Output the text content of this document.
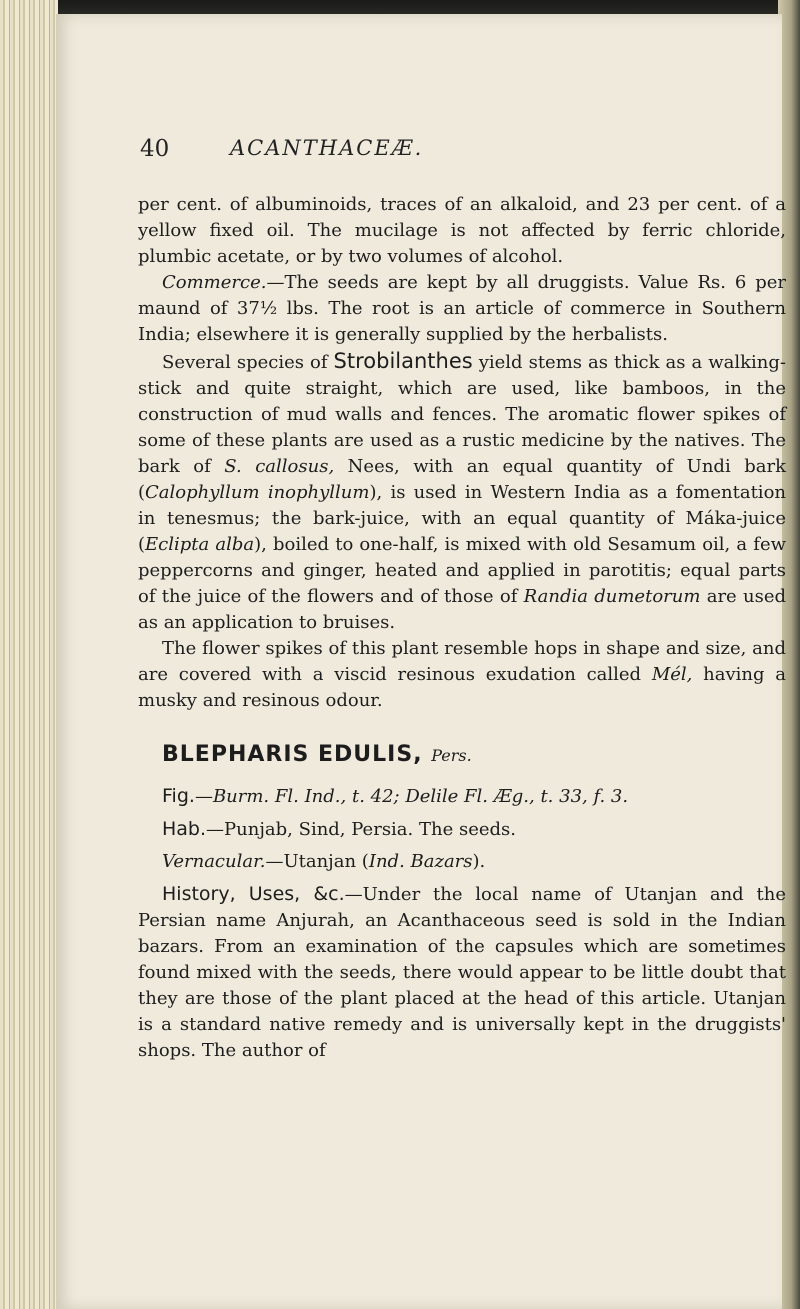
40	ACANTHACEÆ.

per cent. of albuminoids, traces of an alkaloid, and 23 per cent. of a yellow fixed oil. The mucilage is not affected by ferric chloride, plumbic acetate, or by two volumes of alcohol.

Commerce.—The seeds are kept by all druggists. Value Rs. 6 per maund of 37½ lbs. The root is an article of commerce in Southern India; elsewhere it is generally supplied by the herbalists.

Several species of Strobilanthes yield stems as thick as a walking-stick and quite straight, which are used, like bamboos, in the construction of mud walls and fences. The aromatic flower spikes of some of these plants are used as a rustic medicine by the natives. The bark of S. callosus, Nees, with an equal quantity of Undi bark (Calophyllum inophyllum), is used in Western India as a fomentation in tenesmus; the bark-juice, with an equal quantity of Máka-juice (Eclipta alba), boiled to one-half, is mixed with old Sesamum oil, a few peppercorns and ginger, heated and applied in parotitis; equal parts of the juice of the flowers and of those of Randia dumetorum are used as an application to bruises.

The flower spikes of this plant resemble hops in shape and size, and are covered with a viscid resinous exudation called Mél, having a musky and resinous odour.

BLEPHARIS EDULIS, Pers.

Fig.—Burm. Fl. Ind., t. 42; Delile Fl. Æg., t. 33, f. 3.

Hab.—Punjab, Sind, Persia. The seeds.

Vernacular.—Utanjan (Ind. Bazars).

History, Uses, &c.—Under the local name of Utanjan and the Persian name Anjurah, an Acanthaceous seed is sold in the Indian bazars. From an examination of the capsules which are sometimes found mixed with the seeds, there would appear to be little doubt that they are those of the plant placed at the head of this article. Utanjan is a standard native remedy and is universally kept in the druggists' shops. The author of
